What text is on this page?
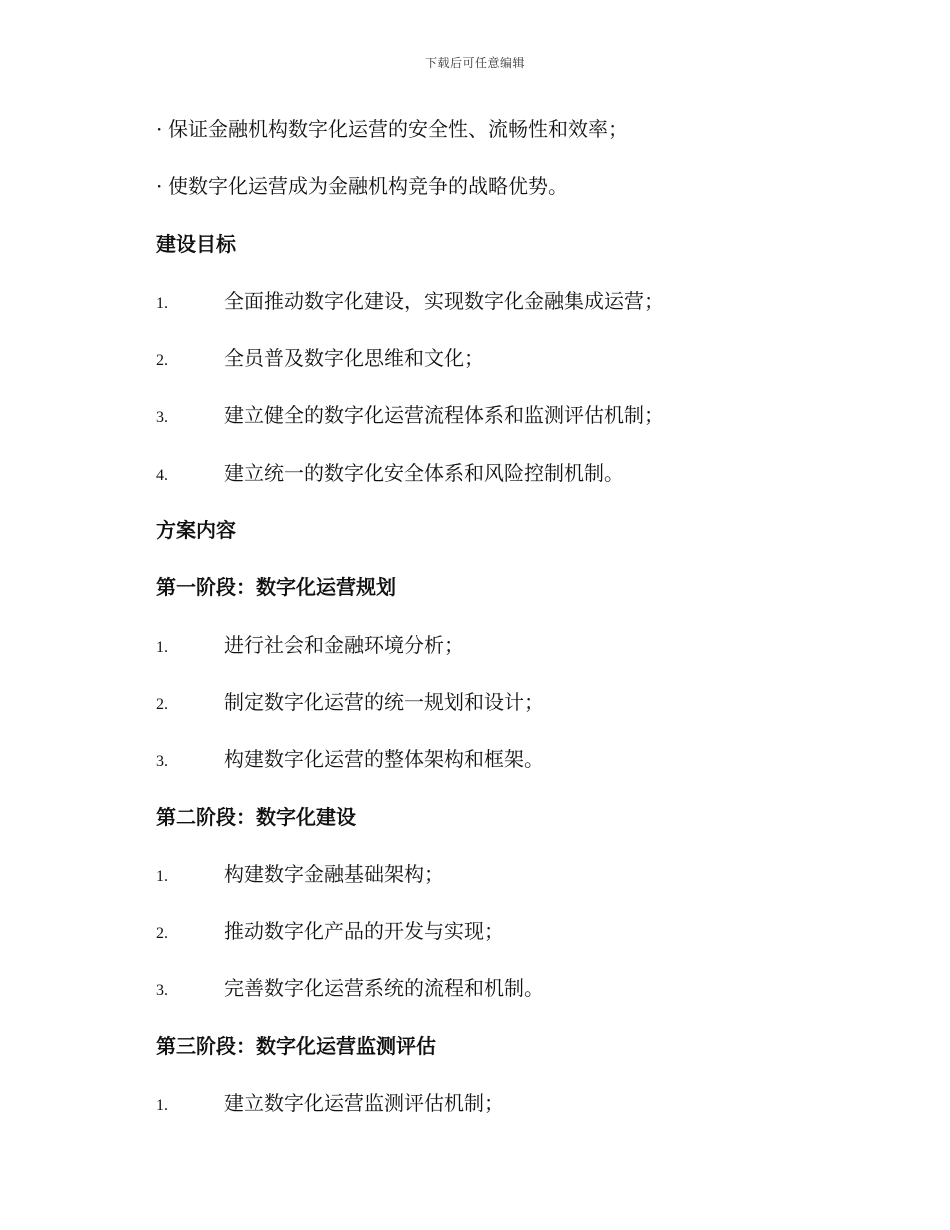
下载后可任意编辑
· 保证金融机构数字化运营的安全性、流畅性和效率；
· 使数字化运营成为金融机构竞争的战略优势。
建设目标
1.	全面推动数字化建设，实现数字化金融集成运营；
2.	全员普及数字化思维和文化；
3.	建立健全的数字化运营流程体系和监测评估机制；
4.	建立统一的数字化安全体系和风险控制机制。
方案内容
第一阶段：数字化运营规划
1.	进行社会和金融环境分析；
2.	制定数字化运营的统一规划和设计；
3.	构建数字化运营的整体架构和框架。
第二阶段：数字化建设
1.	构建数字金融基础架构；
2.	推动数字化产品的开发与实现；
3.	完善数字化运营系统的流程和机制。
第三阶段：数字化运营监测评估
1.	建立数字化运营监测评估机制；
